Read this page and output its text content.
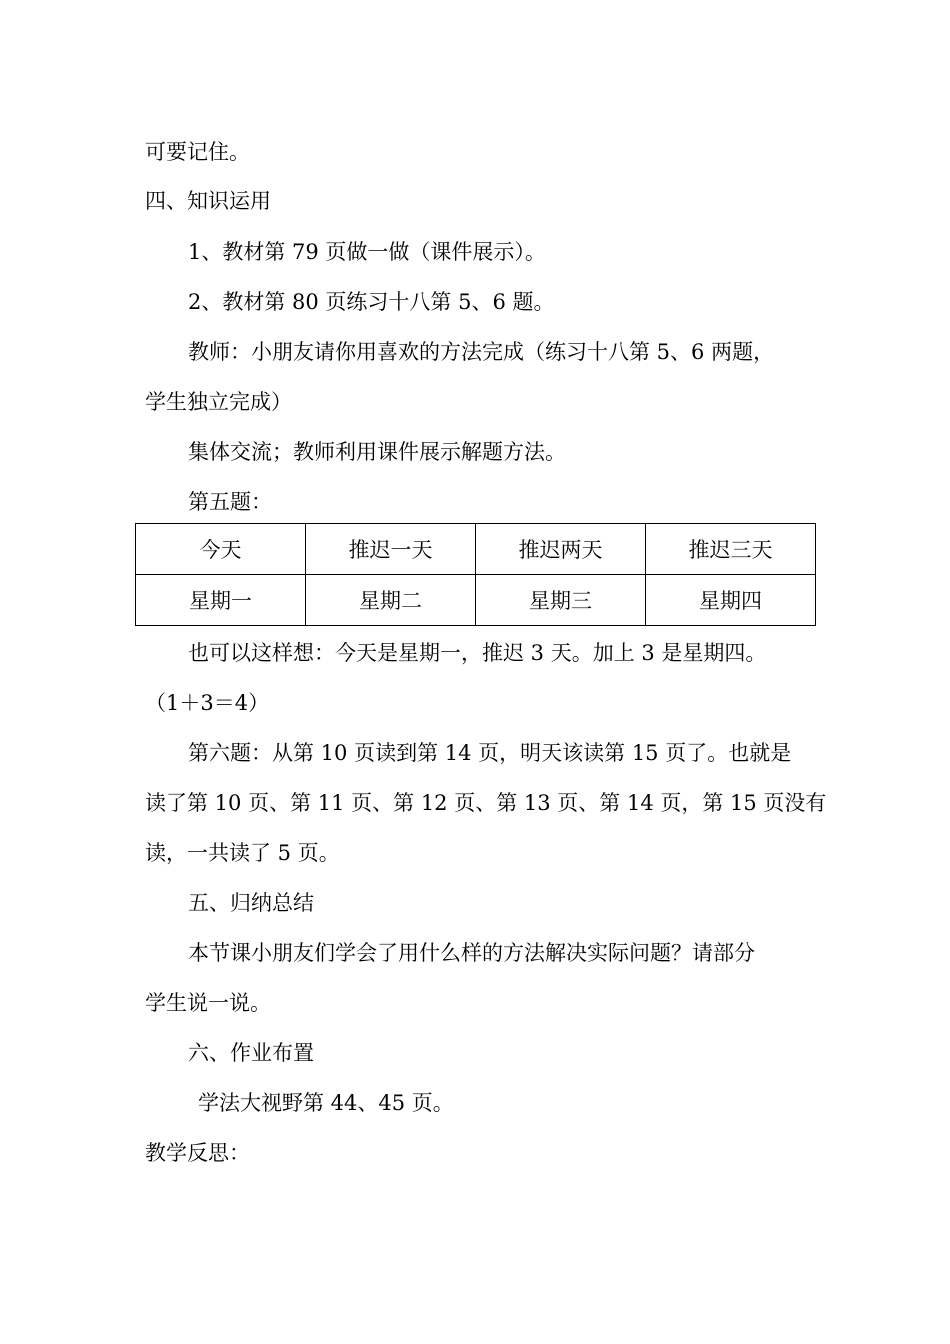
可要记住。
四、知识运用
1、教材第 79 页做一做（课件展示）。
2、教材第 80 页练习十八第 5、6 题。
教师：小朋友请你用喜欢的方法完成（练习十八第 5、6 两题，
学生独立完成）
集体交流；教师利用课件展示解题方法。
第五题：
今天	推迟一天	推迟两天	推迟三天
星期一	星期二	星期三	星期四
也可以这样想：今天是星期一，推迟 3 天。加上 3 是星期四。
（1＋3＝4）
第六题：从第 10 页读到第 14 页，明天该读第 15 页了。也就是
读了第 10 页、第 11 页、第 12 页、第 13 页、第 14 页，第 15 页没有
读，一共读了 5 页。
五、归纳总结
本节课小朋友们学会了用什么样的方法解决实际问题？请部分
学生说一说。
六、作业布置
学法大视野第 44、45 页。
教学反思：
